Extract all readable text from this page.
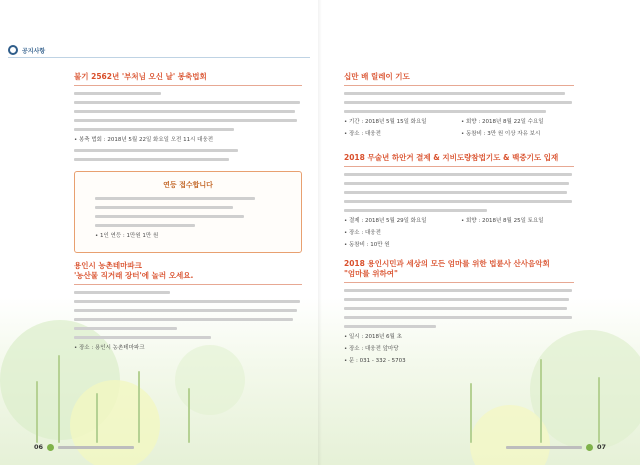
공지사항
불기 2562년 '부처님 오신 날' 봉축법회
• 봉축 법회 : 2018년 5월 22일 화요일 오전 11시 대웅전
연등 접수합니다
• 1인 연등 : 1만원 1만 원
용인시 농촌테마파크
'농산물 직거래 장터'에 놀러 오세요.
• 장소 : 용인시 농촌테마파크
십만 배 릴레이 기도
• 기간 : 2018년 5월 15일 화요일	• 회향 : 2018년 8월 22일 수요일
• 장소 : 대웅전	• 동참비 : 3만 원 이상 자유 보시
2018 무술년 하안거 결제 & 지비도량참법기도 & 백중기도 입재
• 결제 : 2018년 5월 29일 화요일	• 회향 : 2018년 8월 25일 토요일
• 장소 : 대웅전
• 동참비 : 10만 원
2018 용인시민과 세상의 모든 엄마를 위한 법륜사 산사음악회
"엄마를 위하여"
• 일시 : 2018년 6월 초
• 장소 : 대웅전 앞마당
• 문 : 031 - 332 - 5703
06	07
